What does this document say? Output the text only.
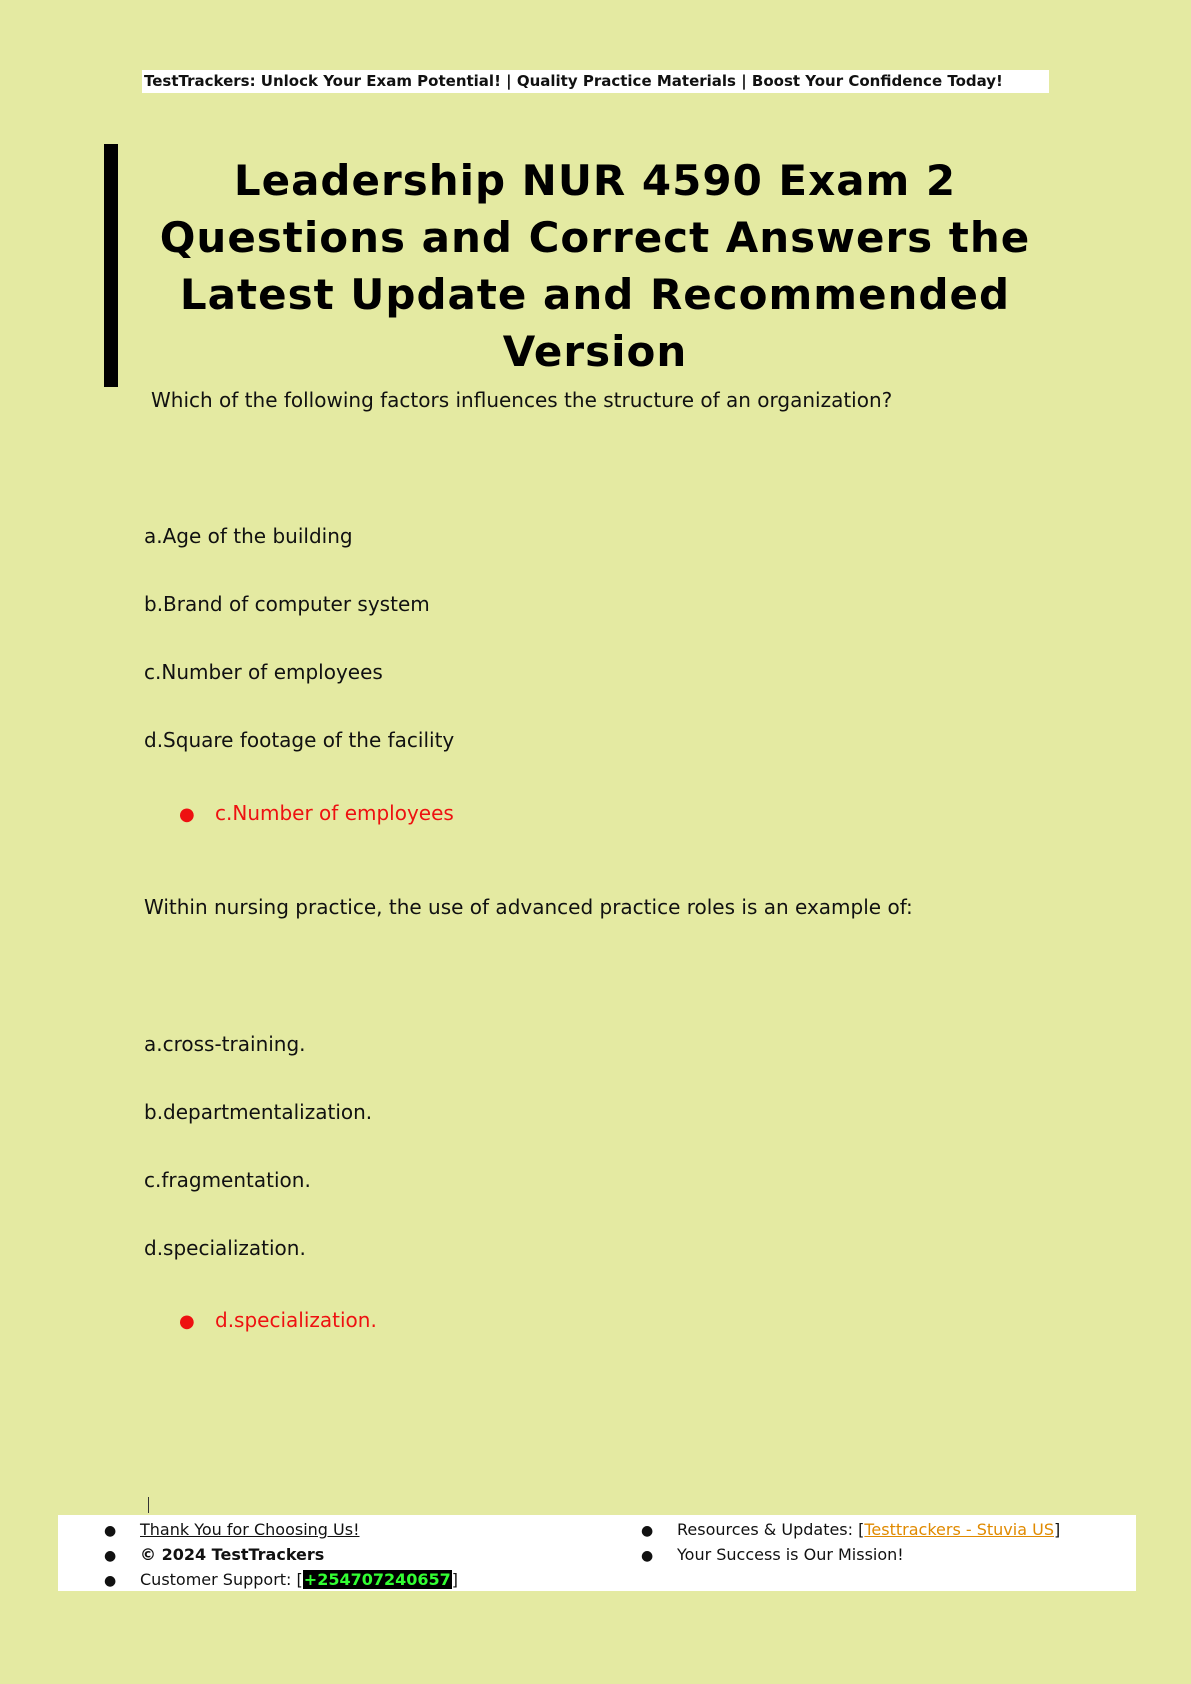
TestTrackers: Unlock Your Exam Potential! | Quality Practice Materials | Boost Your Confidence Today!
Leadership NUR 4590 Exam 2 Questions and Correct Answers the Latest Update and Recommended Version
Which of the following factors influences the structure of an organization?
a.Age of the building
b.Brand of computer system
c.Number of employees
d.Square footage of the facility
● c.Number of employees
Within nursing practice, the use of advanced practice roles is an example of:
a.cross-training.
b.departmentalization.
c.fragmentation.
d.specialization.
● d.specialization.
● Thank You for Choosing Us!
● © 2024 TestTrackers
● Customer Support: [+254707240657]
● Resources & Updates: [Testtrackers - Stuvia US]
● Your Success is Our Mission!
